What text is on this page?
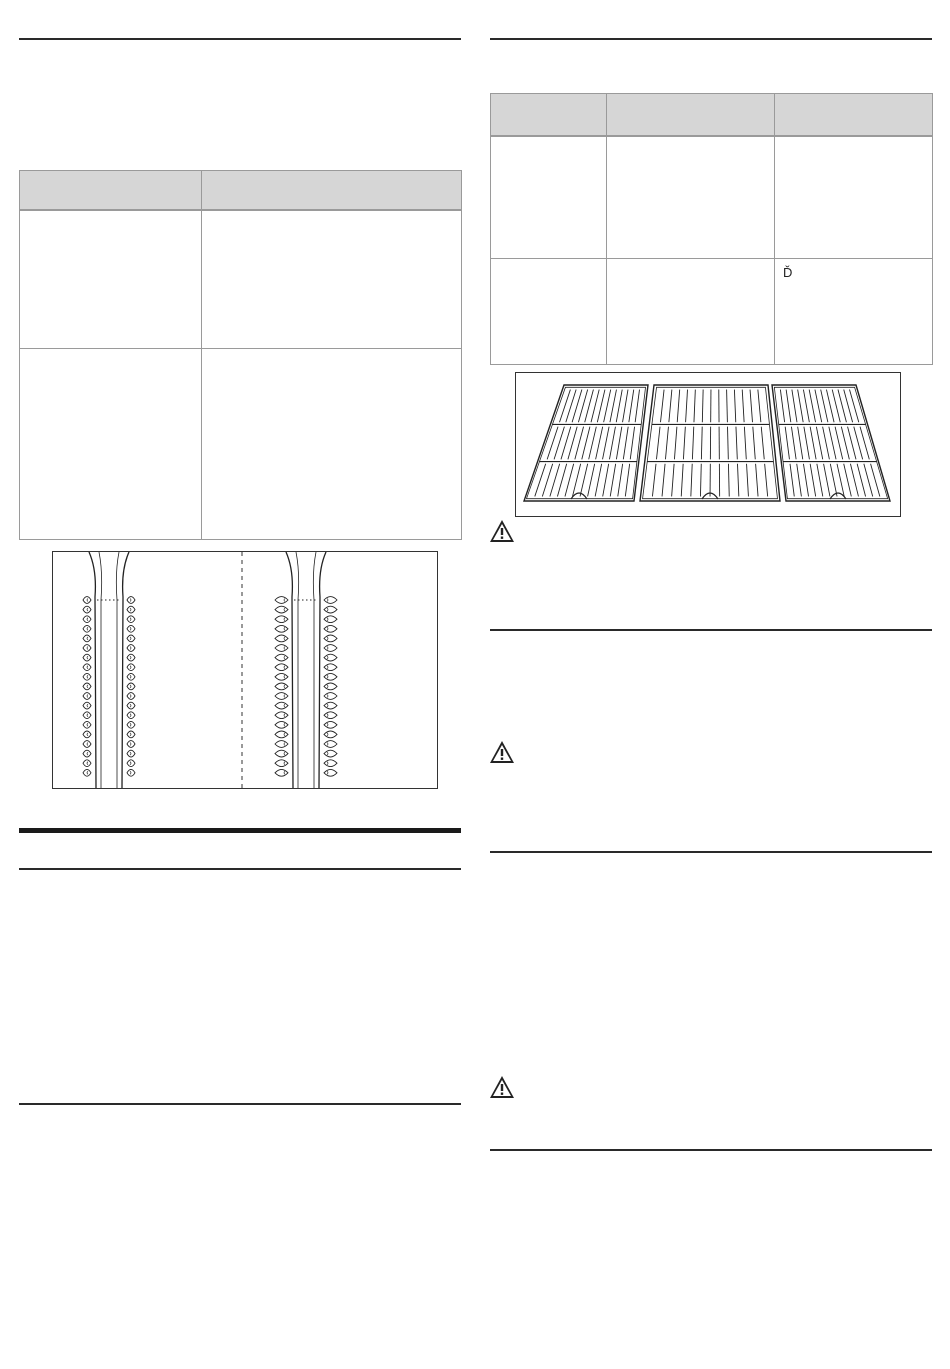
		Ď
